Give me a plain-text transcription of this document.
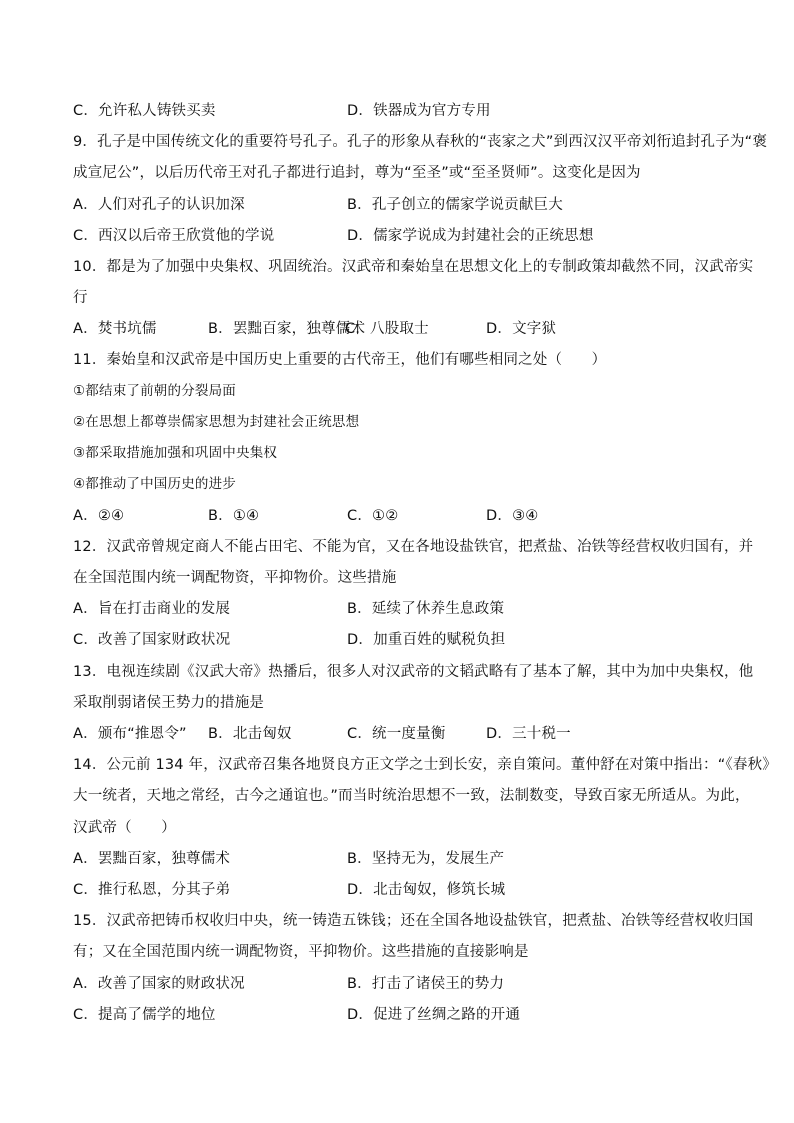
C．允许私人铸铁买卖	D．铁器成为官方专用
9．孔子是中国传统文化的重要符号孔子。孔子的形象从春秋的“丧家之犬”到西汉汉平帝刘衎追封孔子为“褒
成宣尼公”，以后历代帝王对孔子都进行追封，尊为“至圣”或“至圣贤师”。这变化是因为
A．人们对孔子的认识加深	B．孔子创立的儒家学说贡献巨大
C．西汉以后帝王欣赏他的学说	D．儒家学说成为封建社会的正统思想
10．都是为了加强中央集权、巩固统治。汉武帝和秦始皇在思想文化上的专制政策却截然不同，汉武帝实
行
A．焚书坑儒	B．罢黜百家，独尊儒术
C．八股取士	D．文字狱
11．秦始皇和汉武帝是中国历史上重要的古代帝王，他们有哪些相同之处（　　）
①都结束了前朝的分裂局面
②在思想上都尊崇儒家思想为封建社会正统思想
③都采取措施加强和巩固中央集权
④都推动了中国历史的进步
A．②④	B．①④	C．①②	D．③④
12．汉武帝曾规定商人不能占田宅、不能为官，又在各地设盐铁官，把煮盐、冶铁等经营权收归国有，并
在全国范围内统一调配物资，平抑物价。这些措施
A．旨在打击商业的发展	B．延续了休养生息政策
C．改善了国家财政状况	D．加重百姓的赋税负担
13．电视连续剧《汉武大帝》热播后，很多人对汉武帝的文韬武略有了基本了解，其中为加中央集权，他
采取削弱诸侯王势力的措施是
A．颁布“推恩令” B．北击匈奴	C．统一度量衡	D．三十税一
14．公元前 134 年，汉武帝召集各地贤良方正文学之士到长安，亲自策问。董仲舒在对策中指出：“《春秋》
大一统者，天地之常经，古今之通谊也。”而当时统治思想不一致，法制数变，导致百家无所适从。为此，
汉武帝（　　）
A．罢黜百家，独尊儒术	B．坚持无为，发展生产
C．推行私恩，分其子弟	D．北击匈奴，修筑长城
15．汉武帝把铸币权收归中央，统一铸造五铢钱；还在全国各地设盐铁官，把煮盐、冶铁等经营权收归国
有；又在全国范围内统一调配物资，平抑物价。这些措施的直接影响是
A．改善了国家的财政状况	B．打击了诸侯王的势力
C．提高了儒学的地位	D．促进了丝绸之路的开通
